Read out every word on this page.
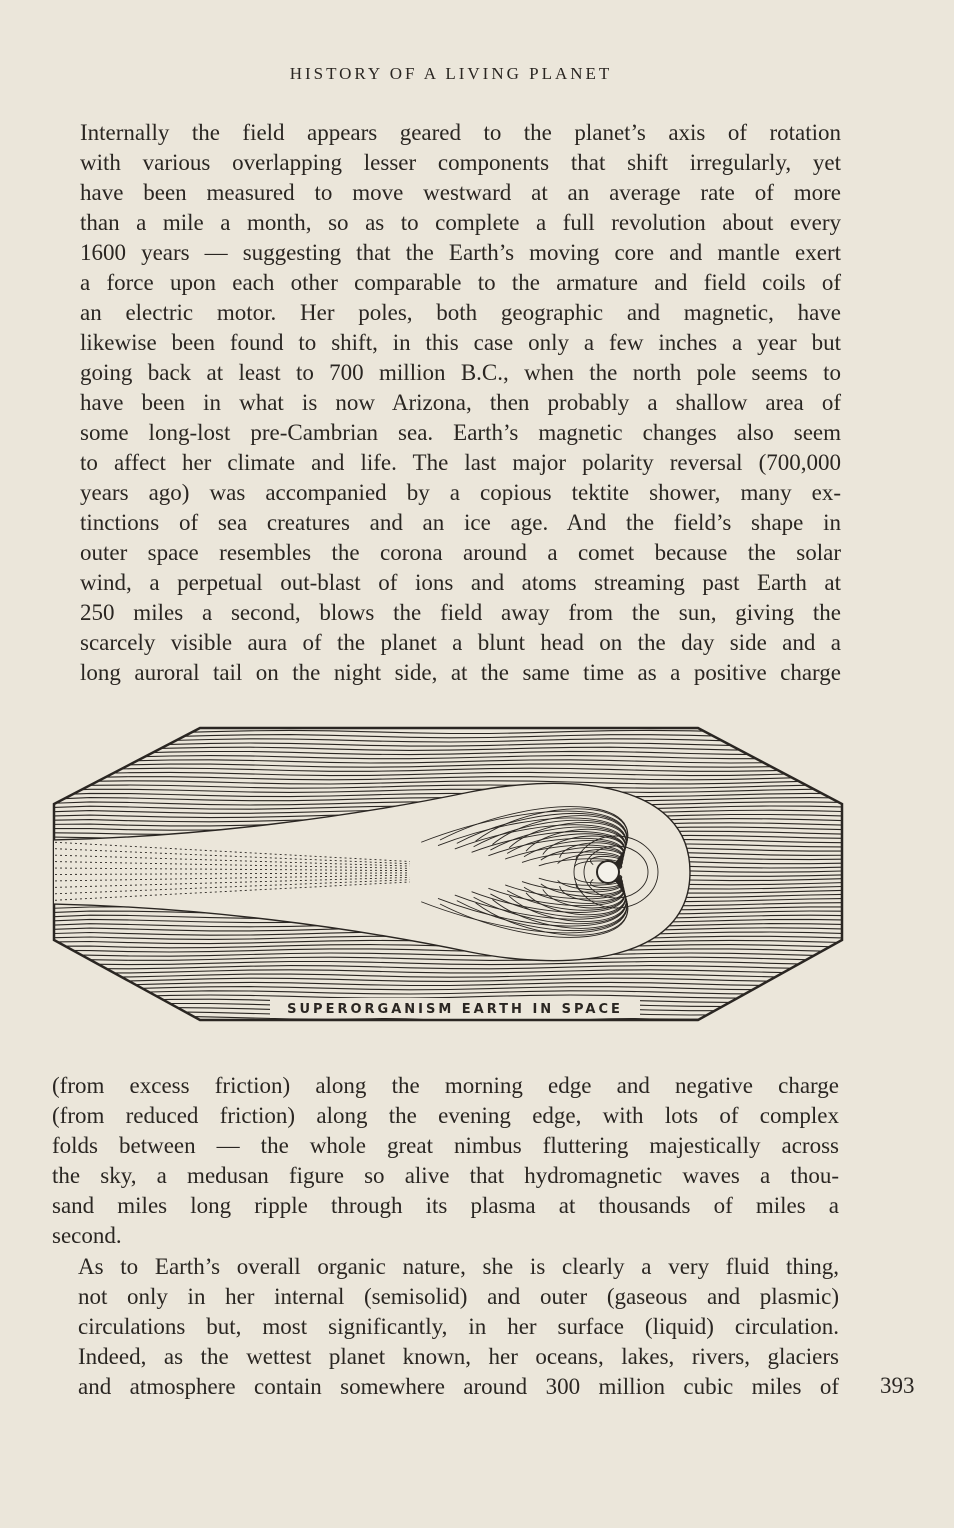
HISTORY OF A LIVING PLANET

Internally the field appears geared to the planet’s axis of rotation
with various overlapping lesser components that shift irregularly, yet
have been measured to move westward at an average rate of more
than a mile a month, so as to complete a full revolution about every
1600 years — suggesting that the Earth’s moving core and mantle exert
a force upon each other comparable to the armature and field coils of
an electric motor. Her poles, both geographic and magnetic, have
likewise been found to shift, in this case only a few inches a year but
going back at least to 700 million B.C., when the north pole seems to
have been in what is now Arizona, then probably a shallow area of
some long-lost pre-Cambrian sea. Earth’s magnetic changes also seem
to affect her climate and life. The last major polarity reversal (700,000
years ago) was accompanied by a copious tektite shower, many ex-
tinctions of sea creatures and an ice age. And the field’s shape in
outer space resembles the corona around a comet because the solar
wind, a perpetual out-blast of ions and atoms streaming past Earth at
250 miles a second, blows the field away from the sun, giving the
scarcely visible aura of the planet a blunt head on the day side and a
long auroral tail on the night side, at the same time as a positive charge

SUPERORGANISM EARTH IN SPACE

(from excess friction) along the morning edge and negative charge
(from reduced friction) along the evening edge, with lots of complex
folds between — the whole great nimbus fluttering majestically across
the sky, a medusan figure so alive that hydromagnetic waves a thou-
sand miles long ripple through its plasma at thousands of miles a
second.

As to Earth’s overall organic nature, she is clearly a very fluid thing,
not only in her internal (semisolid) and outer (gaseous and plasmic)
circulations but, most significantly, in her surface (liquid) circulation.
Indeed, as the wettest planet known, her oceans, lakes, rivers, glaciers
and atmosphere contain somewhere around 300 million cubic miles of 393
